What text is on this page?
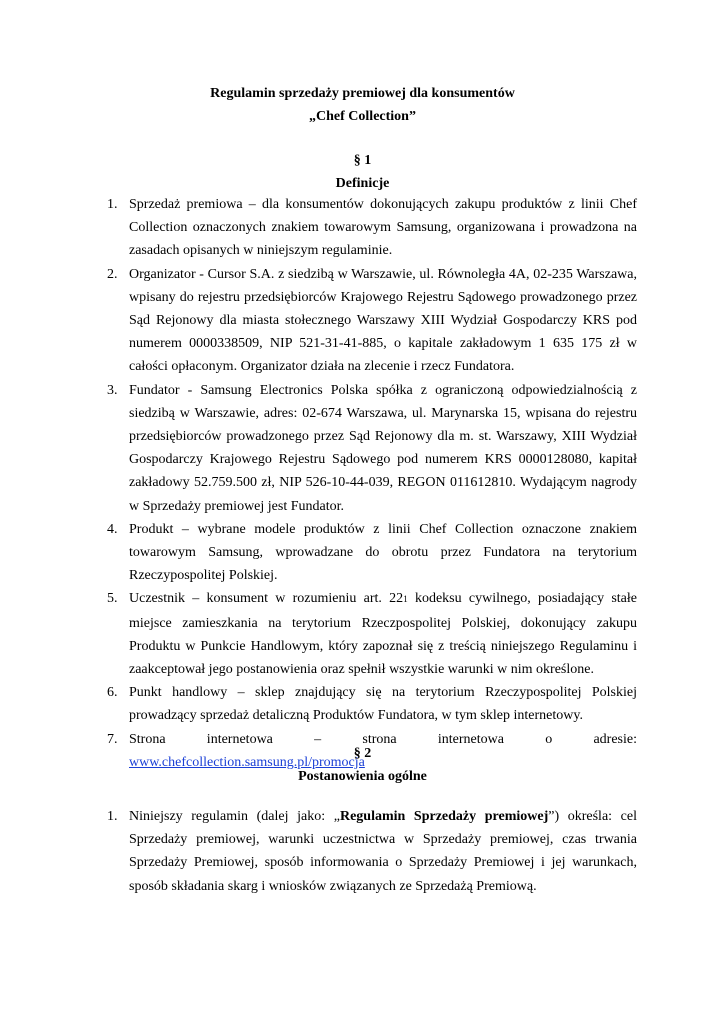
Regulamin sprzedaży premiowej dla konsumentów
„Chef Collection”
§ 1
Definicje
1. Sprzedaż premiowa – dla konsumentów dokonujących zakupu produktów z linii Chef Collection oznaczonych znakiem towarowym Samsung, organizowana i prowadzona na zasadach opisanych w niniejszym regulaminie.
2. Organizator - Cursor S.A. z siedzibą w Warszawie, ul. Równoległa 4A, 02-235 Warszawa, wpisany do rejestru przedsiębiorców Krajowego Rejestru Sądowego prowadzonego przez Sąd Rejonowy dla miasta stołecznego Warszawy XIII Wydział Gospodarczy KRS pod numerem 0000338509, NIP 521-31-41-885, o kapitale zakładowym 1 635 175 zł w całości opłaconym. Organizator działa na zlecenie i rzecz Fundatora.
3. Fundator - Samsung Electronics Polska spółka z ograniczoną odpowiedzialnością z siedzibą w Warszawie, adres: 02-674 Warszawa, ul. Marynarska 15, wpisana do rejestru przedsiębiorców prowadzonego przez Sąd Rejonowy dla m. st. Warszawy, XIII Wydział Gospodarczy Krajowego Rejestru Sądowego pod numerem KRS 0000128080, kapitał zakładowy 52.759.500 zł, NIP 526-10-44-039, REGON 011612810. Wydającym nagrody w Sprzedaży premiowej jest Fundator.
4. Produkt – wybrane modele produktów z linii Chef Collection oznaczone znakiem towarowym Samsung, wprowadzane do obrotu przez Fundatora na terytorium Rzeczypospolitej Polskiej.
5. Uczestnik – konsument w rozumieniu art. 221 kodeksu cywilnego, posiadający stałe miejsce zamieszkania na terytorium Rzeczpospolitej Polskiej, dokonujący zakupu Produktu w Punkcie Handlowym, który zapoznał się z treścią niniejszego Regulaminu i zaakceptował jego postanowienia oraz spełnił wszystkie warunki w nim określone.
6. Punkt handlowy – sklep znajdujący się na terytorium Rzeczypospolitej Polskiej prowadzący sprzedaż detaliczną Produktów Fundatora, w tym sklep internetowy.
7. Strona internetowa – strona internetowa o adresie: www.chefcollection.samsung.pl/promocja
§ 2
Postanowienia ogólne
1. Niniejszy regulamin (dalej jako: „Regulamin Sprzedaży premiowej”) określa: cel Sprzedaży premiowej, warunki uczestnictwa w Sprzedaży premiowej, czas trwania Sprzedaży Premiowej, sposób informowania o Sprzedaży Premiowej i jej warunkach, sposób składania skarg i wniosków związanych ze Sprzedażą Premiową.
